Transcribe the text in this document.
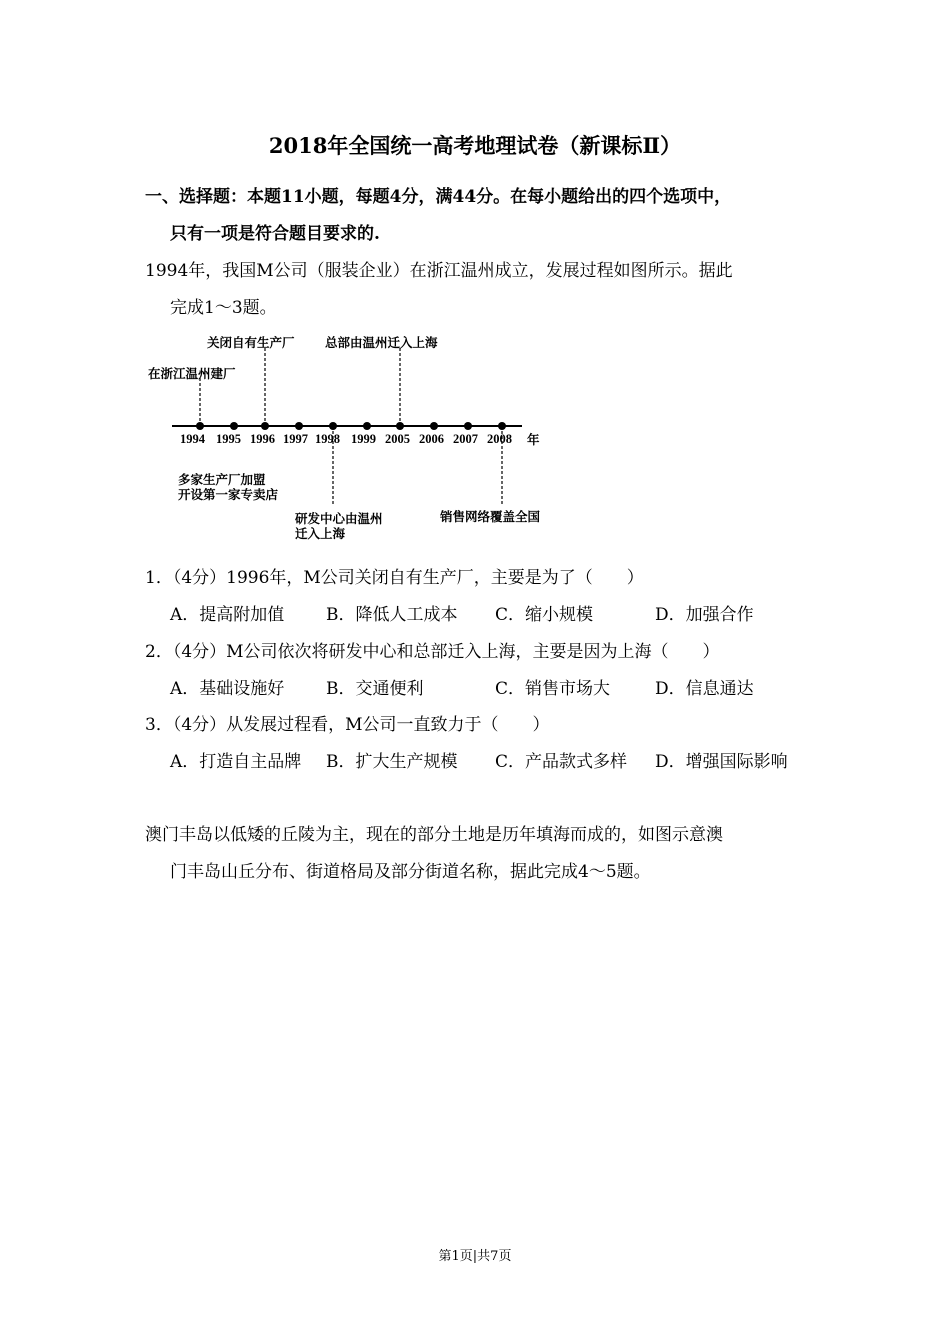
2018年全国统一高考地理试卷（新课标Ⅱ）
一、选择题：本题11小题，每题4分，满44分。在每小题给出的四个选项中，
只有一项是符合题目要求的.
1994年，我国M公司（服装企业）在浙江温州成立，发展过程如图所示。据此
完成1～3题。
关闭自有生产厂 总部由温州迁入上海
在浙江温州建厂
1994 1995 1996 1997 1998 1999 2005 2006 2007 2008 年
多家生产厂加盟
开设第一家专卖店
研发中心由温州
迁入上海
销售网络覆盖全国
1．（4分）1996年，M公司关闭自有生产厂，主要是为了（　　）
A．提高附加值 B．降低人工成本 C．缩小规模	D．加强合作
2．（4分）M公司依次将研发中心和总部迁入上海，主要是因为上海（　　）
A．基础设施好 B．交通便利	C．销售市场大	D．信息通达
3．（4分）从发展过程看，M公司一直致力于（　　）
A．打造自主品牌 B．扩大生产规模 C．产品款式多样 D．增强国际影响
澳门丰岛以低矮的丘陵为主，现在的部分土地是历年填海而成的，如图示意澳
门丰岛山丘分布、街道格局及部分街道名称，据此完成4～5题。
第1页|共7页
